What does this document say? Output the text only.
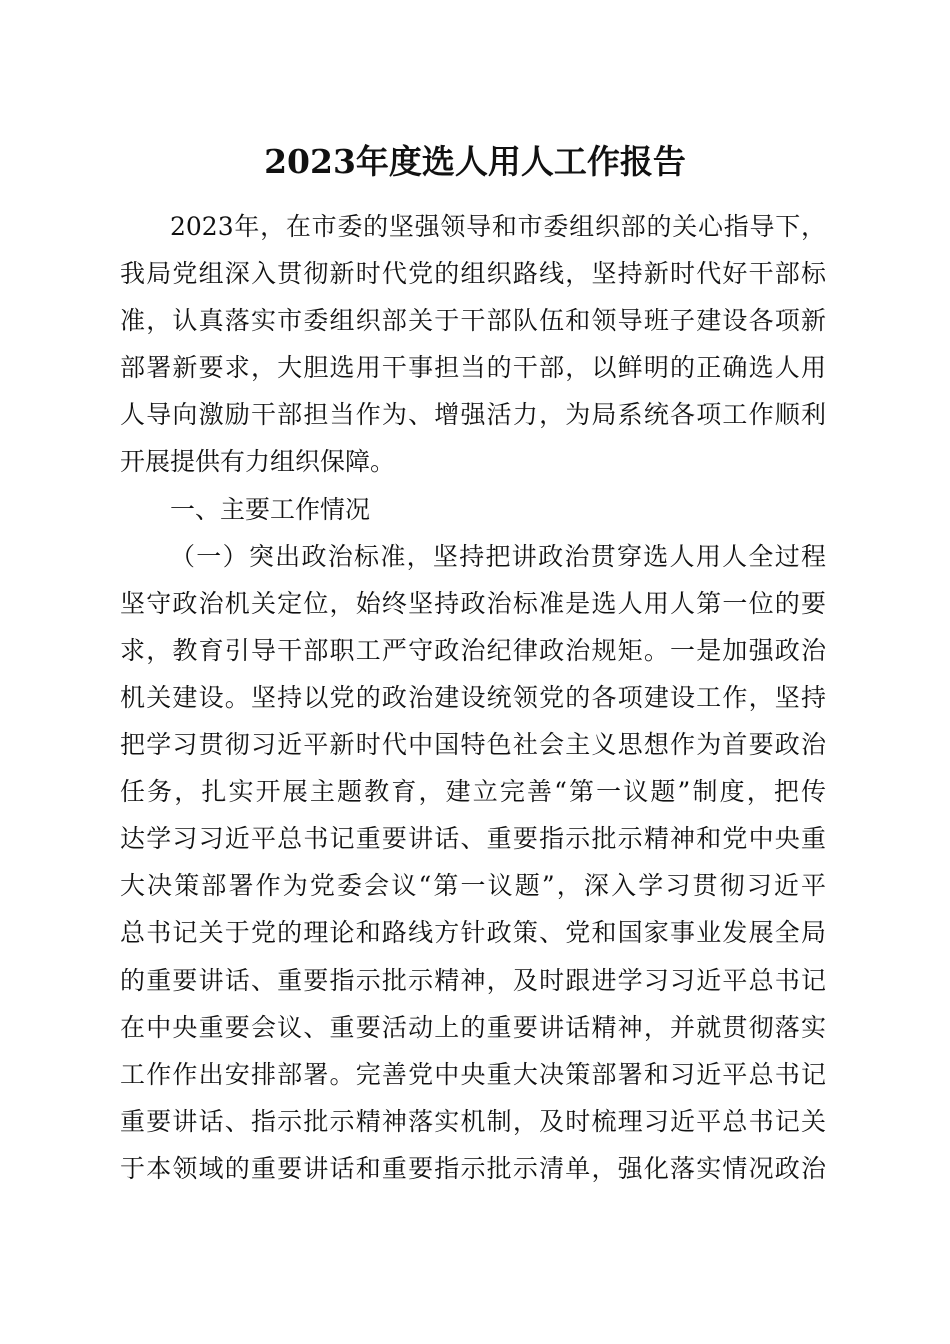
2023年度选人用人工作报告

2023年，在市委的坚强领导和市委组织部的关心指导下，

我局党组深入贯彻新时代党的组织路线，坚持新时代好干部标

准，认真落实市委组织部关于干部队伍和领导班子建设各项新

部署新要求，大胆选用干事担当的干部，以鲜明的正确选人用

人导向激励干部担当作为、增强活力，为局系统各项工作顺利

开展提供有力组织保障。

一、主要工作情况

（一）突出政治标准，坚持把讲政治贯穿选人用人全过程

坚守政治机关定位，始终坚持政治标准是选人用人第一位的要

求，教育引导干部职工严守政治纪律政治规矩。一是加强政治

机关建设。坚持以党的政治建设统领党的各项建设工作，坚持

把学习贯彻习近平新时代中国特色社会主义思想作为首要政治

任务，扎实开展主题教育，建立完善“第一议题”制度，把传

达学习习近平总书记重要讲话、重要指示批示精神和党中央重

大决策部署作为党委会议“第一议题”，深入学习贯彻习近平

总书记关于党的理论和路线方针政策、党和国家事业发展全局

的重要讲话、重要指示批示精神，及时跟进学习习近平总书记

在中央重要会议、重要活动上的重要讲话精神，并就贯彻落实

工作作出安排部署。完善党中央重大决策部署和习近平总书记

重要讲话、指示批示精神落实机制，及时梳理习近平总书记关

于本领域的重要讲话和重要指示批示清单，强化落实情况政治
